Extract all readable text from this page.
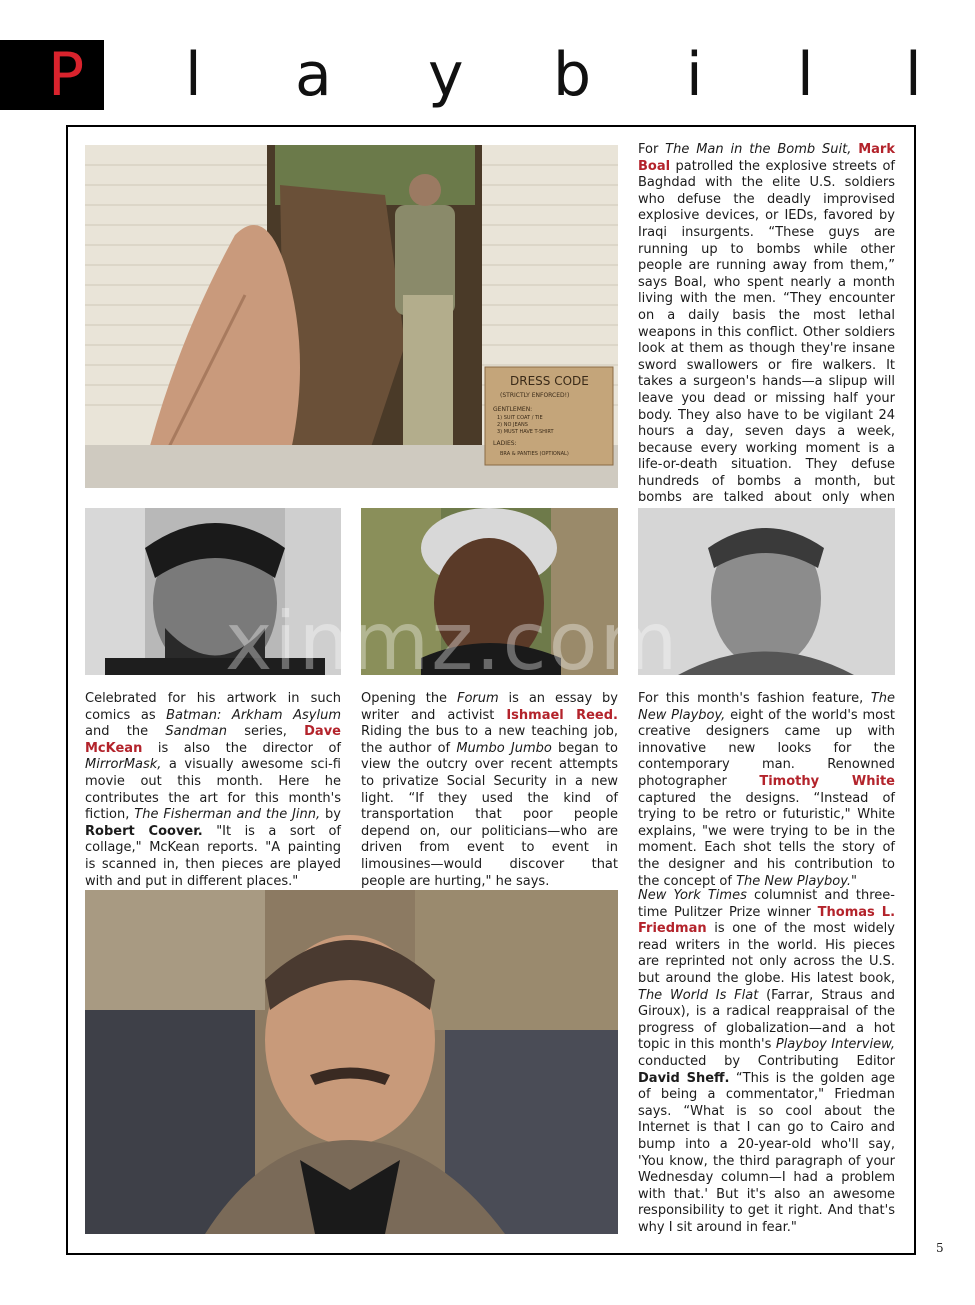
P l a y b i l l
DRESS CODE
(STRICTLY ENFORCED!)
GENTLEMEN:
1) SUIT COAT / TIE
2) NO JEANS
3) MUST HAVE T-SHIRT
LADIES:
BRA & PANTIES (OPTIONAL)
For The Man in the Bomb Suit, Mark Boal patrolled the explosive streets of Baghdad with the elite U.S. soldiers who defuse the deadly improvised explosive devices, or IEDs, favored by Iraqi insurgents. “These guys are running up to bombs while other people are running away from them,” says Boal, who spent nearly a month living with the men. “They encounter on a daily basis the most lethal weapons in this conflict. Other soldiers look at them as though they're insane sword swallowers or fire walkers. It takes a surgeon's hands—a slipup will leave you dead or missing half your body. They also have to be vigilant 24 hours a day, seven days a week, because every working moment is a life-or-death situation. They defuse hundreds of bombs a month, but bombs are talked about only when
Celebrated for his artwork in such comics as Batman: Arkham Asylum and the Sandman series, Dave McKean is also the director of MirrorMask, a visually awesome sci-fi movie out this month. Here he contributes the art for this month's fiction, The Fisherman and the Jinn, by Robert Coover. "It is a sort of collage," McKean reports. "A painting is scanned in, then pieces are played with and put in different places."
Opening the Forum is an essay by writer and activist Ishmael Reed. Riding the bus to a new teaching job, the author of Mumbo Jumbo began to view the outcry over recent attempts to privatize Social Security in a new light. “If they used the kind of transportation that poor people depend on, our politicians—who are driven from event to event in limousines—would discover that people are hurting," he says.
For this month's fashion feature, The New Playboy, eight of the world's most creative designers came up with innovative new looks for the contemporary man. Renowned photographer Timothy White captured the designs. “Instead of trying to be retro or futuristic," White explains, "we were trying to be in the moment. Each shot tells the story of the designer and his contribution to the concept of The New Playboy."
xinmz.com
New York Times columnist and three-time Pulitzer Prize winner Thomas L. Friedman is one of the most widely read writers in the world. His pieces are reprinted not only across the U.S. but around the globe. His latest book, The World Is Flat (Farrar, Straus and Giroux), is a radical reappraisal of the progress of globalization—and a hot topic in this month's Playboy Interview, conducted by Contributing Editor David Sheff. “This is the golden age of being a commentator," Friedman says. “What is so cool about the Internet is that I can go to Cairo and bump into a 20-year-old who'll say, 'You know, the third paragraph of your Wednesday column—I had a problem with that.' But it's also an awesome responsibility to get it right. And that's why I sit around in fear."
5
